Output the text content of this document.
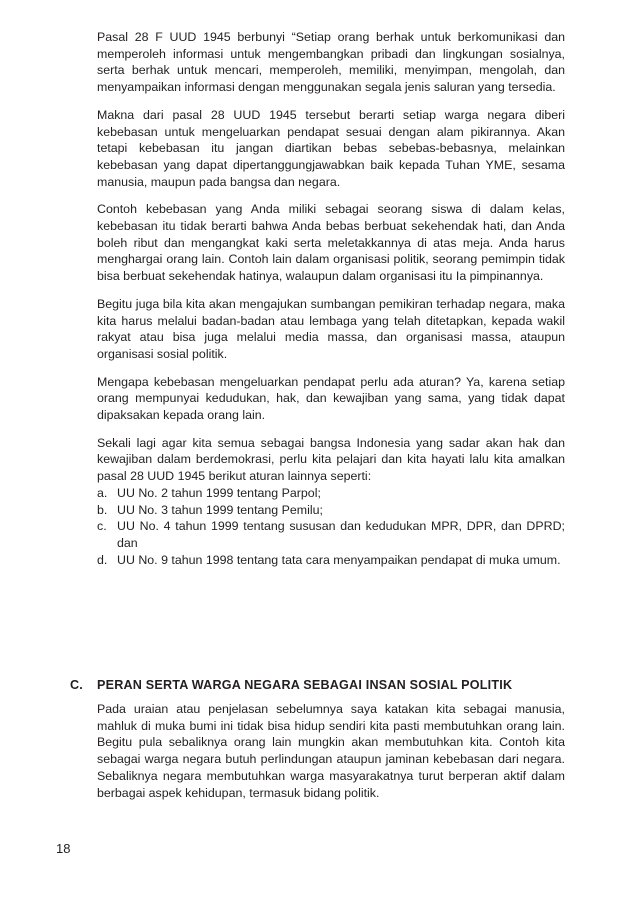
Pasal 28 F UUD 1945 berbunyi “Setiap orang berhak untuk berkomunikasi dan memperoleh informasi untuk mengembangkan pribadi dan lingkungan sosialnya, serta berhak untuk mencari, memperoleh, memiliki, menyimpan, mengolah, dan menyampaikan informasi dengan menggunakan segala jenis saluran yang tersedia.

Makna dari pasal 28 UUD 1945 tersebut berarti setiap warga negara diberi kebebasan untuk mengeluarkan pendapat sesuai dengan alam pikirannya. Akan tetapi kebebasan itu jangan diartikan bebas sebebas-bebasnya, melainkan kebebasan yang dapat dipertanggungjawabkan baik kepada Tuhan YME, sesama manusia, maupun pada bangsa dan negara.

Contoh kebebasan yang Anda miliki sebagai seorang siswa di dalam kelas, kebebasan itu tidak berarti bahwa Anda bebas berbuat sekehendak hati, dan Anda boleh ribut dan mengangkat kaki serta meletakkannya di atas meja. Anda harus menghargai orang lain. Contoh lain dalam organisasi politik, seorang pemimpin tidak bisa berbuat sekehendak hatinya, walaupun dalam organisasi itu Ia pimpinannya.

Begitu juga bila kita akan mengajukan sumbangan pemikiran terhadap negara, maka kita harus melalui badan-badan atau lembaga yang telah ditetapkan, kepada wakil rakyat atau bisa juga melalui media massa, dan organisasi massa, ataupun organisasi sosial politik.

Mengapa kebebasan mengeluarkan pendapat perlu ada aturan? Ya, karena setiap orang mempunyai kedudukan, hak, dan kewajiban yang sama, yang tidak dapat dipaksakan kepada orang lain.

Sekali lagi agar kita semua sebagai bangsa Indonesia yang sadar akan hak dan kewajiban dalam berdemokrasi, perlu kita pelajari dan kita hayati lalu kita amalkan pasal 28 UUD 1945 berikut aturan lainnya seperti:

a. UU No. 2 tahun 1999 tentang Parpol;
b. UU No. 3 tahun 1999 tentang Pemilu;
c. UU No. 4 tahun 1999 tentang sususan dan kedudukan MPR, DPR, dan DPRD; dan
d. UU No. 9 tahun 1998 tentang tata cara menyampaikan pendapat di muka umum.
C. PERAN SERTA WARGA NEGARA SEBAGAI INSAN SOSIAL POLITIK

Pada uraian atau penjelasan sebelumnya saya katakan kita sebagai manusia, mahluk di muka bumi ini tidak bisa hidup sendiri kita pasti membutuhkan orang lain. Begitu pula sebaliknya orang lain mungkin akan membutuhkan kita. Contoh kita sebagai warga negara butuh perlindungan ataupun jaminan kebebasan dari negara. Sebaliknya negara membutuhkan warga masyarakatnya turut berperan aktif dalam berbagai aspek kehidupan, termasuk bidang politik.

18
